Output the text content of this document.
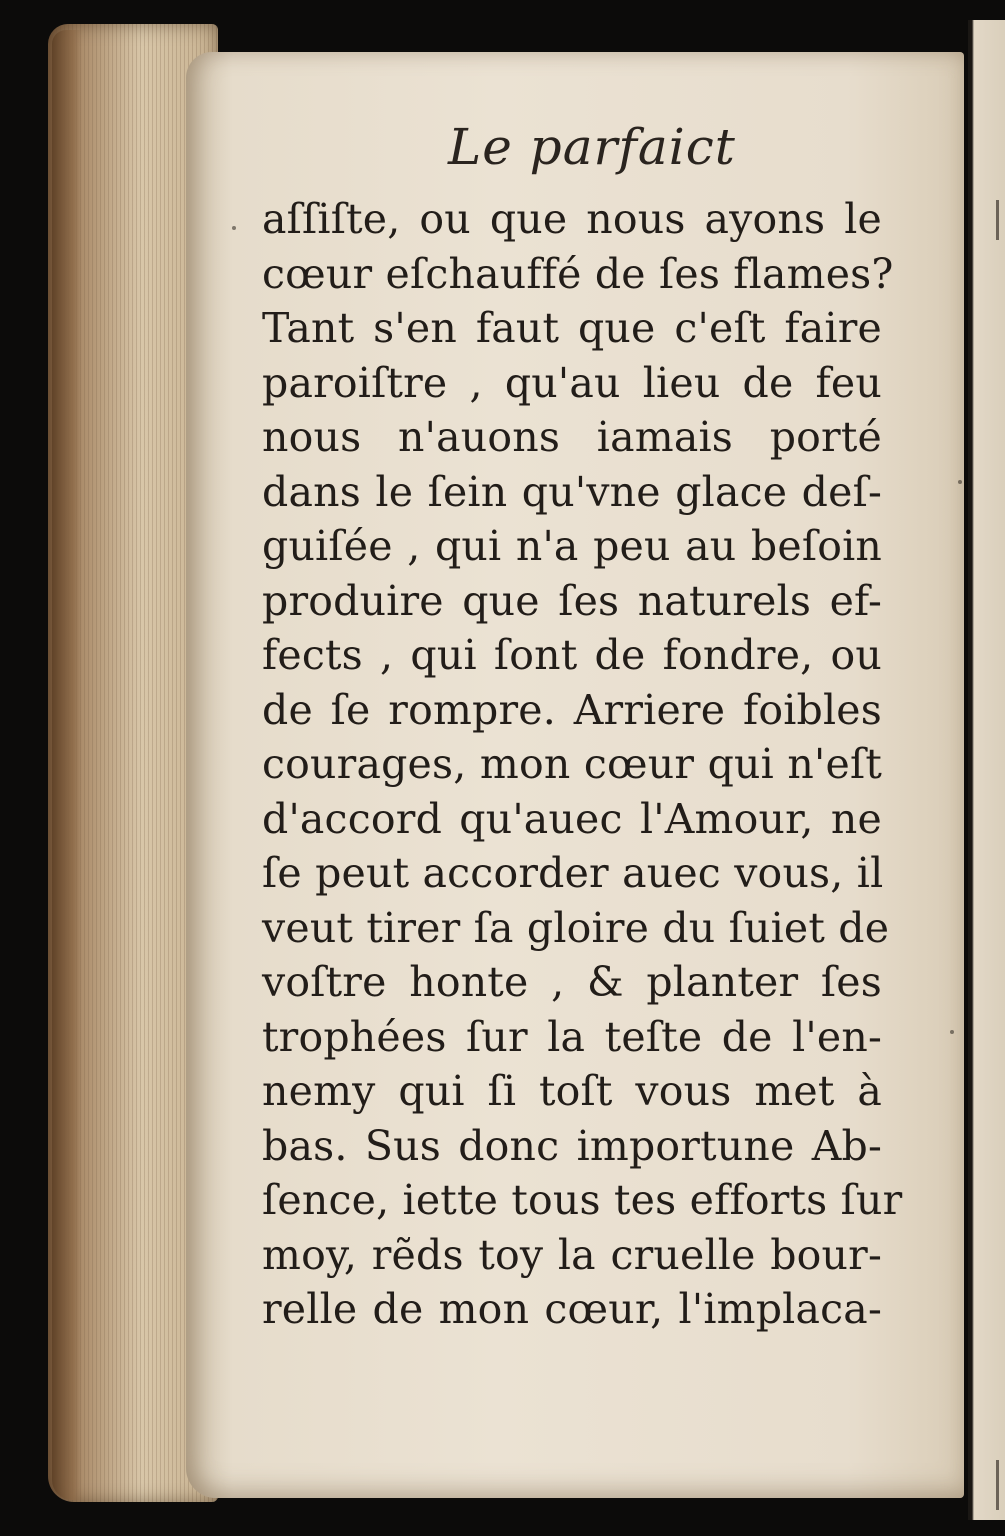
Le parfaict
aſſiſte, ou que nous ayons le
cœur eſchauffé de ſes flames?
Tant s'en faut que c'eſt faire
paroiſtre , qu'au lieu de feu
nous n'auons iamais porté
dans le ſein qu'vne glace deſ-
guiſée , qui n'a peu au beſoin
produire que ſes naturels ef-
fects , qui ſont de fondre, ou
de ſe rompre. Arriere foibles
courages, mon cœur qui n'eſt
d'accord qu'auec l'Amour, ne
ſe peut accorder auec vous, il
veut tirer ſa gloire du ſuiet de
voſtre honte , & planter ſes
trophées ſur la teſte de l'en-
nemy qui ſi toſt vous met à
bas. Sus donc importune Ab-
ſence, iette tous tes efforts ſur
moy, rẽds toy la cruelle bour-
relle de mon cœur, l'implaca-
